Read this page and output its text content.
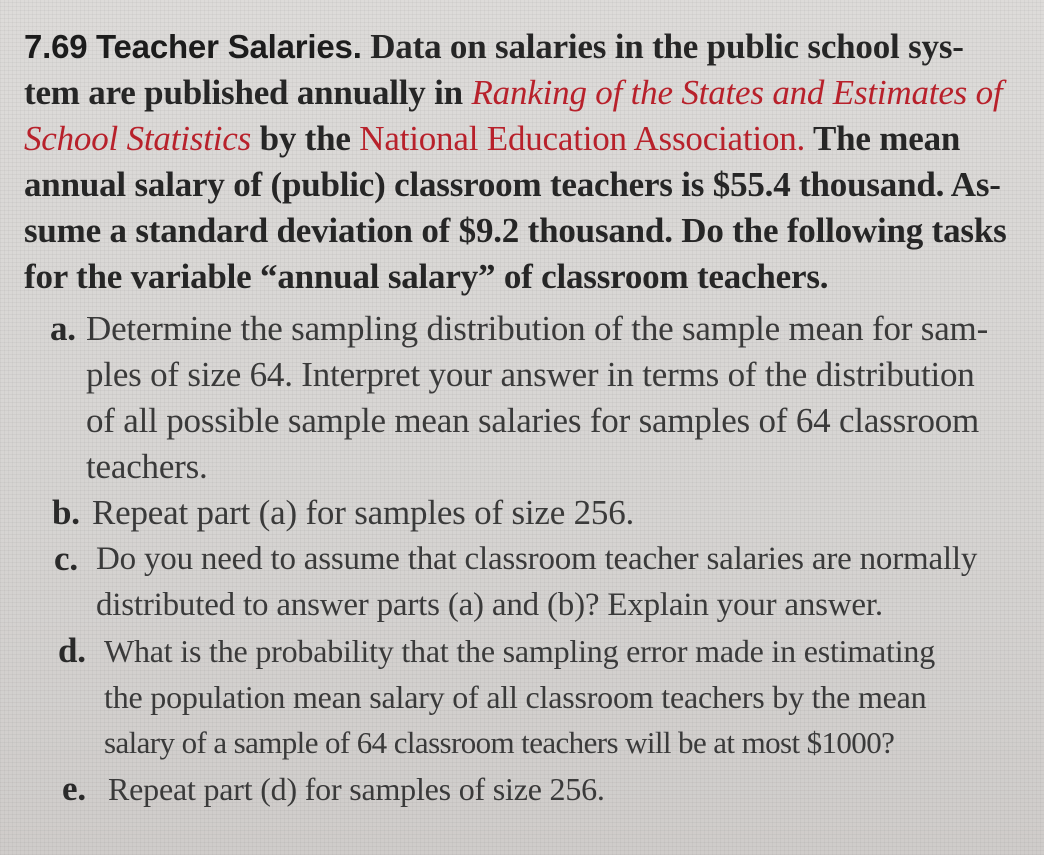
7.69 Teacher Salaries. Data on salaries in the public school sys-
tem are published annually in Ranking of the States and Estimates of
School Statistics by the National Education Association. The mean
annual salary of (public) classroom teachers is $55.4 thousand. As-
sume a standard deviation of $9.2 thousand. Do the following tasks
for the variable “annual salary” of classroom teachers.
a. Determine the sampling distribution of the sample mean for sam-
ples of size 64. Interpret your answer in terms of the distribution
of all possible sample mean salaries for samples of 64 classroom
teachers.
b. Repeat part (a) for samples of size 256.
c. Do you need to assume that classroom teacher salaries are normally
distributed to answer parts (a) and (b)? Explain your answer.
d. What is the probability that the sampling error made in estimating
the population mean salary of all classroom teachers by the mean
salary of a sample of 64 classroom teachers will be at most $1000?
e. Repeat part (d) for samples of size 256.
